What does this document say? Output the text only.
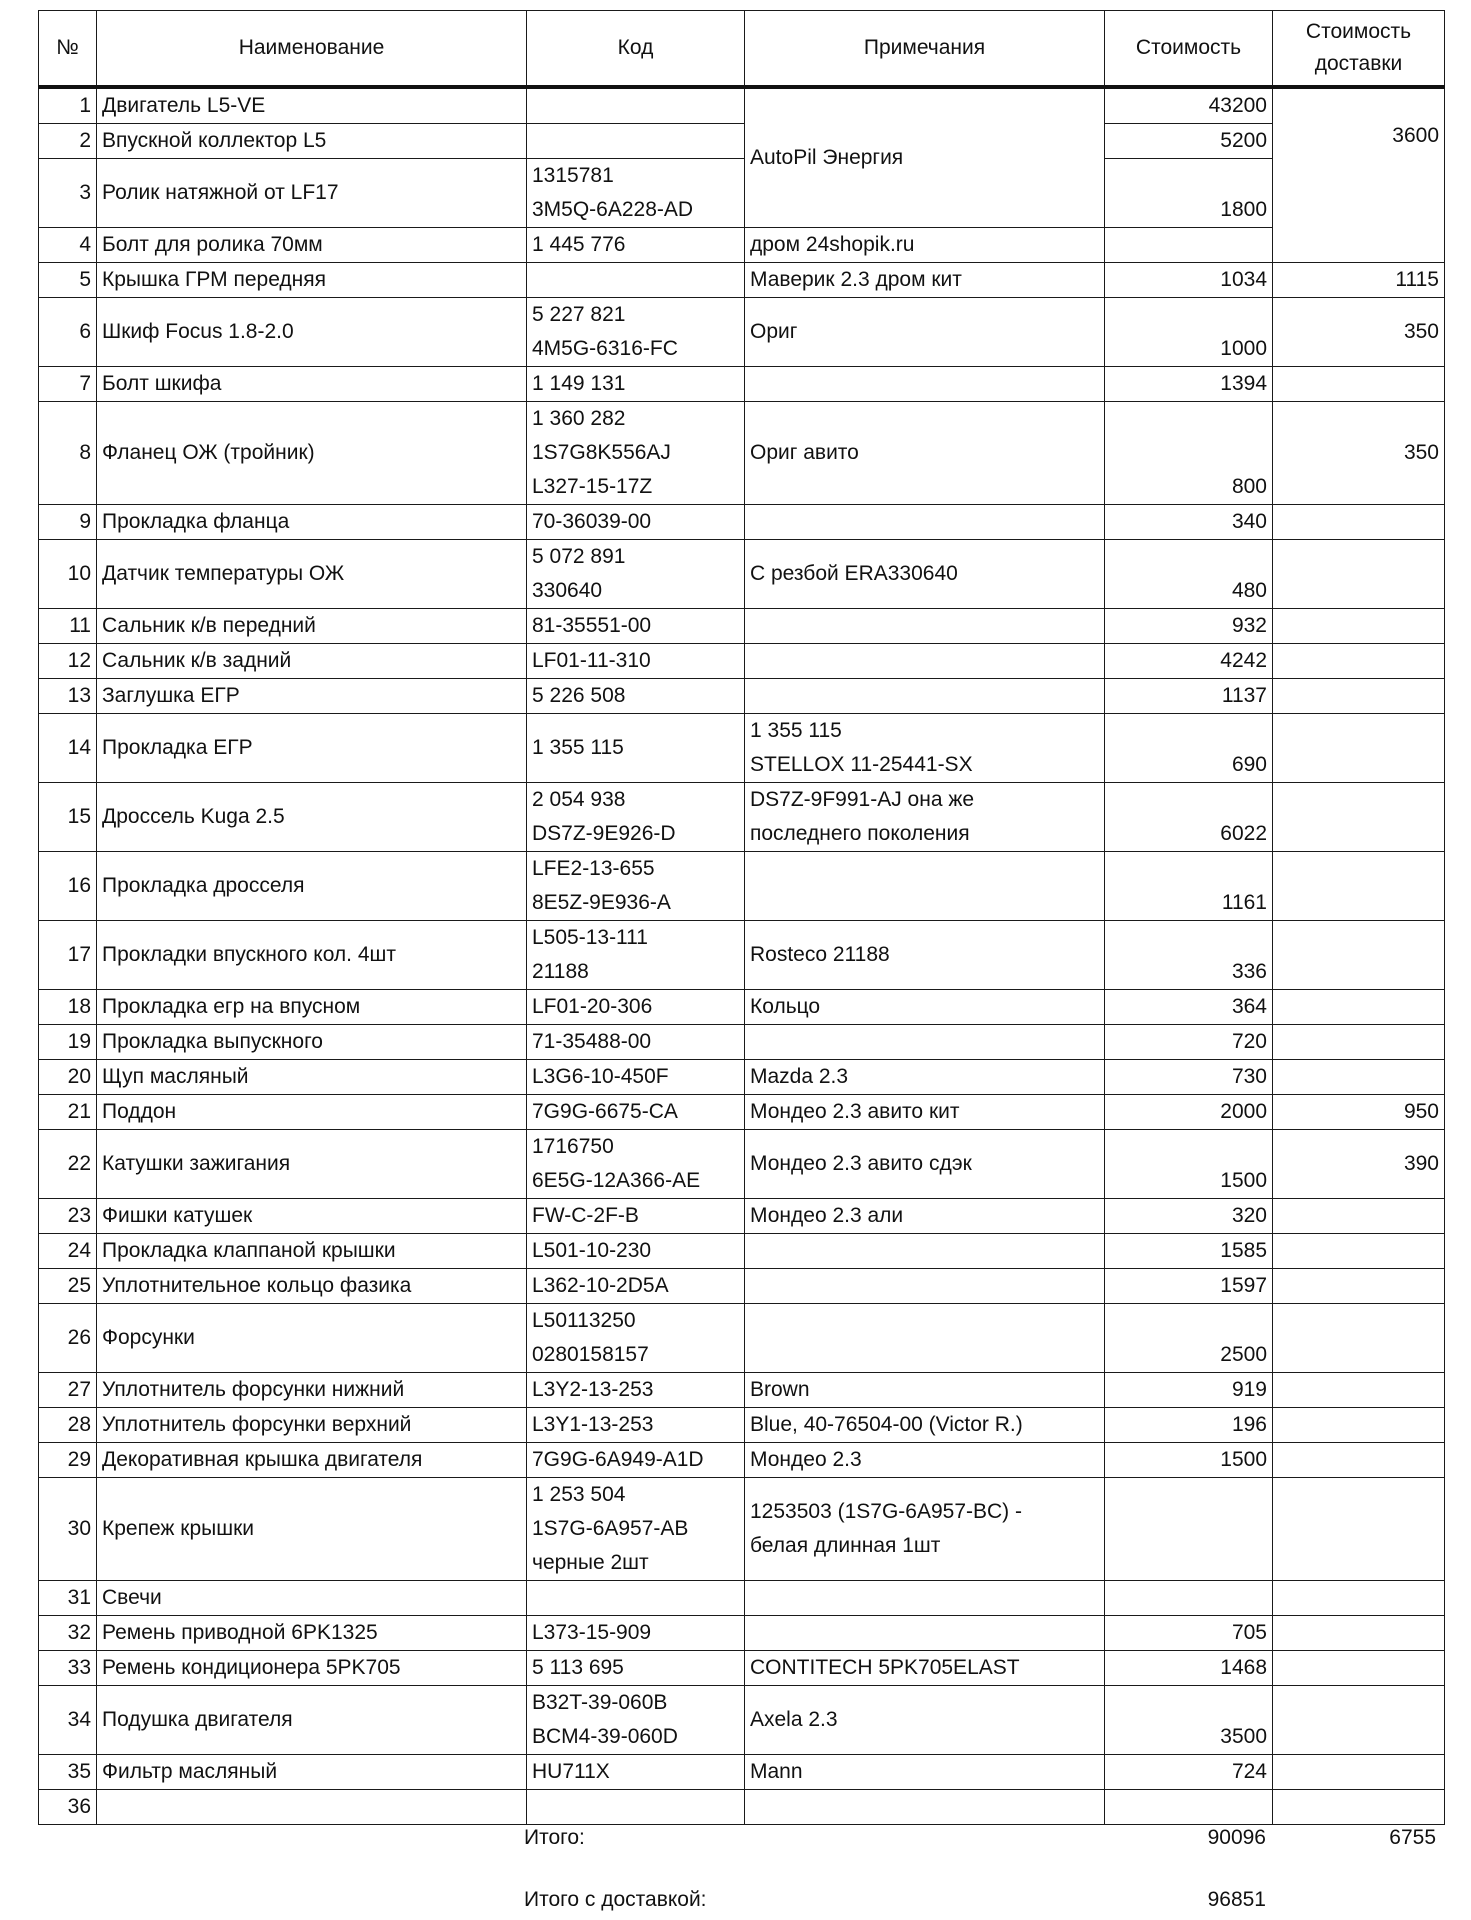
№	Наименование	Код	Примечания	Стоимость	Стоимость
доставки
1	Двигатель L5-VE		AutoPil Энергия	43200	3600
2	Впускной коллектор L5			5200	
3	Ролик натяжной от LF17	1315781
3M5Q-6A228-AD		1800	
4	Болт для ролика 70мм	1 445 776	дром 24shopik.ru		

5	Крышка ГРМ передняя		Маверик 2.3 дром кит	1034	1115
6	Шкиф Focus 1.8-2.0	5 227 821
4M5G-6316-FC	Ориг	1000	350
7	Болт шкифа	1 149 131		1394	
8	Фланец ОЖ (тройник)	1 360 282
1S7G8K556AJ
L327-15-17Z	Ориг авито	800	350
9	Прокладка фланца	70-36039-00		340	
10	Датчик температуры ОЖ	5 072 891
330640	С резбой ERA330640	480	
11	Сальник к/в передний	81-35551-00		932	
12	Сальник к/в задний	LF01-11-310		4242	
13	Заглушка ЕГР	5 226 508		1137	
14	Прокладка ЕГР	1 355 115	1 355 115
STELLOX 11-25441-SX	690	
15	Дроссель Kuga 2.5	2 054 938
DS7Z-9E926-D	DS7Z-9F991-AJ она же
последнего поколения	6022	
16	Прокладка дросселя	LFE2-13-655
8E5Z-9E936-A		1161	
17	Прокладки впускного кол. 4шт	L505-13-111
21188	Rosteco 21188	336	
18	Прокладка егр на впусном	LF01-20-306	Кольцо	364	
19	Прокладка выпускного	71-35488-00		720	
20	Щуп масляный	L3G6-10-450F	Mazda 2.3	730	
21	Поддон	7G9G-6675-CA	Мондео 2.3 авито кит	2000	950
22	Катушки зажигания	1716750
6E5G-12A366-AE	Мондео 2.3 авито сдэк	1500	390
23	Фишки катушек	FW-C-2F-B	Мондео 2.3 али	320	
24	Прокладка клаппаной крышки	L501-10-230		1585	
25	Уплотнительное кольцо фазика	L362-10-2D5A		1597	
26	Форсунки	L50113250
0280158157		2500	
27	Уплотнитель форсунки нижний	L3Y2-13-253	Brown	919	
28	Уплотнитель форсунки верхний	L3Y1-13-253	Blue, 40-76504-00 (Victor R.)	196	
29	Декоративная крышка двигателя	7G9G-6A949-A1D	Мондео 2.3	1500	
30	Крепеж крышки	1 253 504
1S7G-6A957-AB
черные 2шт	1253503 (1S7G-6A957-BC) -
белая длинная 1шт		

31	Свечи				
32	Ремень приводной 6PK1325	L373-15-909		705	
33	Ремень кондиционера 5PK705	5 113 695	CONTITECH 5PK705ELAST	1468	
34	Подушка двигателя	B32T-39-060B
BCM4-39-060D	Axela 2.3	3500	
35	Фильтр масляный	HU711X	Mann	724	
36					
Итого:	90096	6755
Итого с доставкой:	96851
